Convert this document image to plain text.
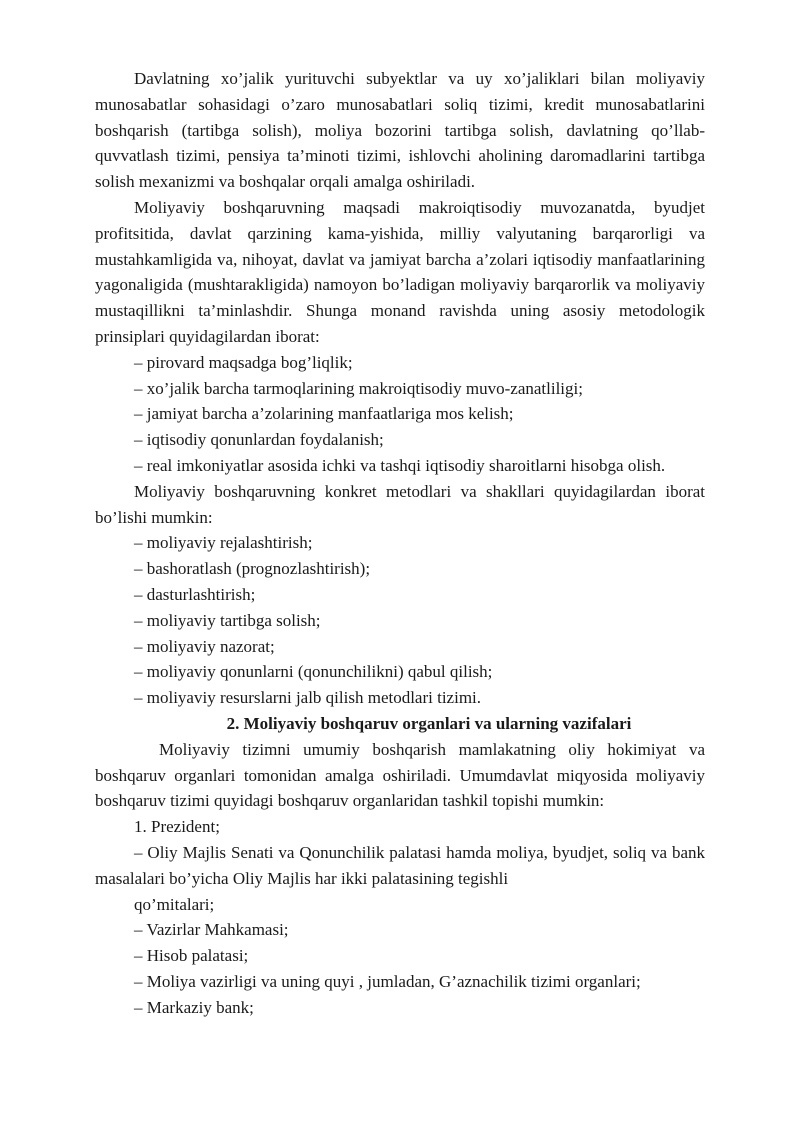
Davlatning xo’jalik yurituvchi subyektlar va uy xo’jaliklari bilan moliyaviy munosabatlar sohasidagi o’zaro munosabatlari soliq tizimi, kredit munosabatlarini boshqarish (tartibga solish), moliya bozorini tartibga solish, davlatning qo’llab-quvvatlash tizimi, pensiya ta’minoti tizimi, ishlovchi aholining daromadlarini tartibga solish mexanizmi va boshqalar orqali amalga oshiriladi.

Moliyaviy boshqaruvning maqsadi makroiqtisodiy muvozanatda, byudjet profitsitida, davlat qarzining kama-yishida, milliy valyutaning barqarorligi va mustahkamligida va, nihoyat, davlat va jamiyat barcha a’zolari iqtisodiy manfaatlarining yagonaligida (mushtarakligida) namoyon bo’ladigan moliyaviy barqarorlik va moliyaviy mustaqillikni ta’minlashdir. Shunga monand ravishda uning asosiy metodologik prinsiplari quyidagilardan iborat:

– pirovard maqsadga bog’liqlik;

– xo’jalik barcha tarmoqlarining makroiqtisodiy muvo-zanatliligi;

– jamiyat barcha a’zolarining manfaatlariga mos kelish;

– iqtisodiy qonunlardan foydalanish;

– real imkoniyatlar asosida ichki va tashqi iqtisodiy sharoitlarni hisobga olish.

Moliyaviy boshqaruvning konkret metodlari va shakllari quyidagilardan iborat bo’lishi mumkin:

– moliyaviy rejalashtirish;

– bashoratlash (prognozlashtirish);

– dasturlashtirish;

– moliyaviy tartibga solish;

– moliyaviy nazorat;

– moliyaviy qonunlarni (qonunchilikni) qabul qilish;

– moliyaviy resurslarni jalb qilish metodlari tizimi.

2. Moliyaviy boshqaruv organlari va ularning vazifalari

Moliyaviy tizimni umumiy boshqarish mamlakatning oliy hokimiyat va boshqaruv organlari tomonidan amalga oshiriladi. Umumdavlat miqyosida moliyaviy boshqaruv tizimi quyidagi boshqaruv organlaridan tashkil topishi mumkin:

1. Prezident;

– Oliy Majlis Senati va Qonunchilik palatasi hamda moliya, byudjet, soliq va bank masalalari bo’yicha Oliy Majlis har ikki palatasining tegishli
qo’mitalari;

– Vazirlar Mahkamasi;

– Hisob palatasi;

– Moliya vazirligi va uning quyi , jumladan, G’aznachilik tizimi organlari;

– Markaziy bank;
